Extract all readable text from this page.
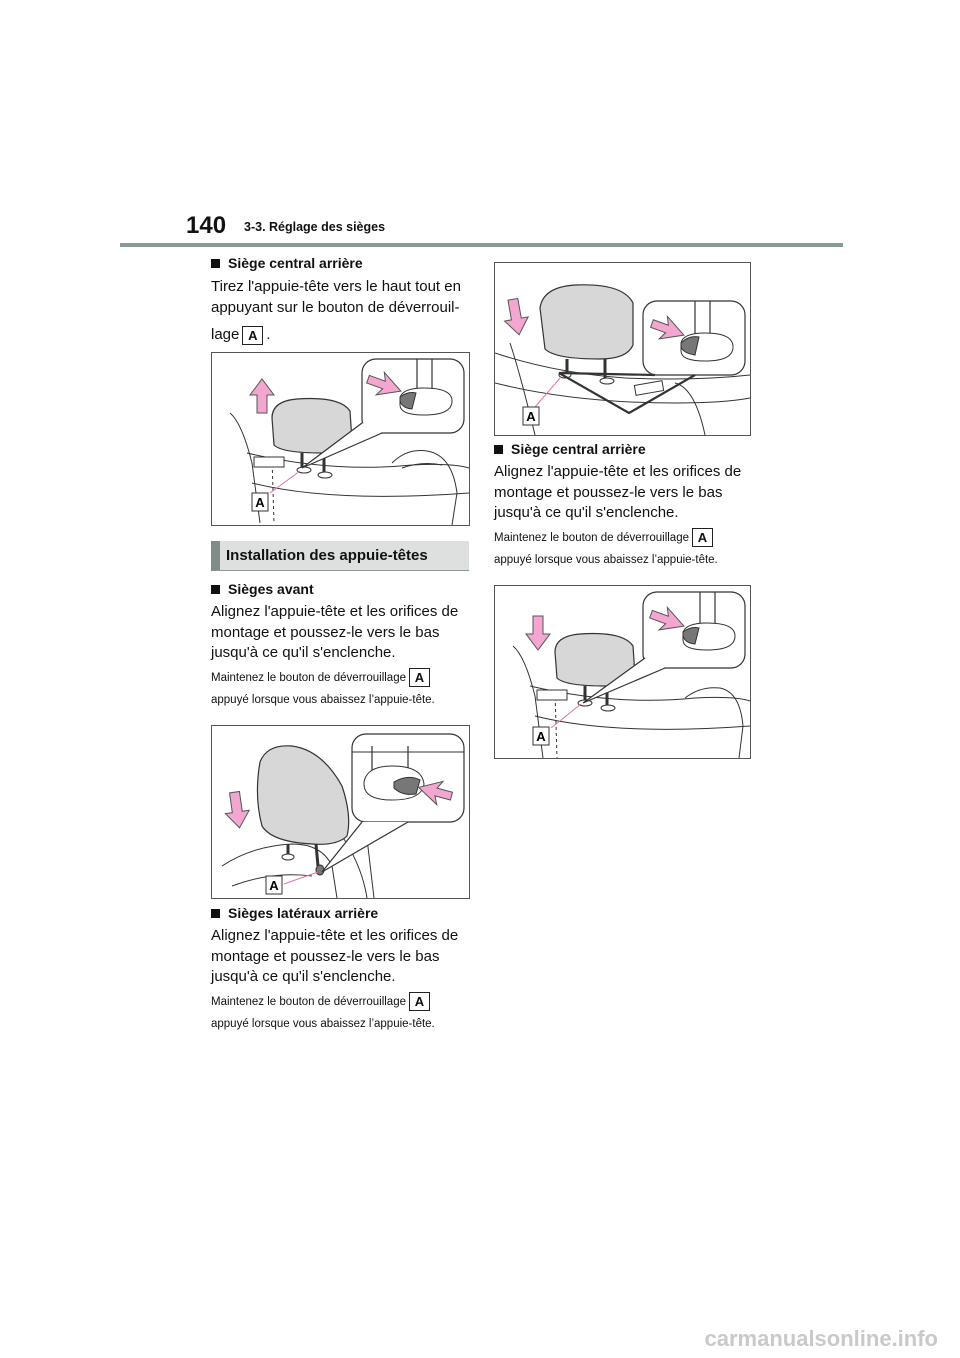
140 3-3. Réglage des sièges
Siège central arrière
Tirez l'appuie-tête vers le haut tout en
appuyant sur le bouton de déverrouil-
lage A .
A
Installation des appuie-têtes
Sièges avant
Alignez l'appuie-tête et les orifices de
montage et poussez-le vers le bas
jusqu'à ce qu'il s'enclenche.
Maintenez le bouton de déverrouillage A
appuyé lorsque vous abaissez l’appuie-tête.
A
Sièges latéraux arrière
Alignez l'appuie-tête et les orifices de
montage et poussez-le vers le bas
jusqu'à ce qu'il s'enclenche.
Maintenez le bouton de déverrouillage A
appuyé lorsque vous abaissez l’appuie-tête.
A
Siège central arrière
Alignez l'appuie-tête et les orifices de
montage et poussez-le vers le bas
jusqu'à ce qu'il s'enclenche.
Maintenez le bouton de déverrouillage A
appuyé lorsque vous abaissez l’appuie-tête.
A
carmanualsonline.info
